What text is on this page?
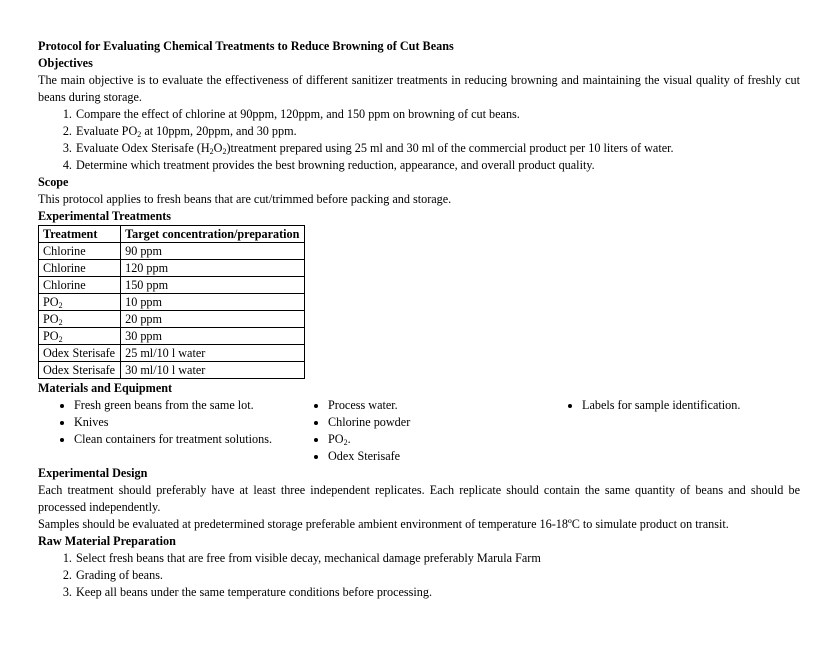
Protocol for Evaluating Chemical Treatments to Reduce Browning of Cut Beans

Objectives

The main objective is to evaluate the effectiveness of different sanitizer treatments in reducing browning and maintaining the visual quality of freshly cut beans during storage.

1. Compare the effect of chlorine at 90ppm, 120ppm, and 150 ppm on browning of cut beans.
2. Evaluate $PO_2$ at 10ppm, 20ppm, and 30 ppm.
3. Evaluate Odex Sterisafe $(H_2O_2)treatment$ prepared using 25 ml and 30 ml of the commercial product per 10 liters of water.
4. Determine which treatment provides the best browning reduction, appearance, and overall product quality.

Scope

This protocol applies to fresh beans that are cut/trimmed before packing and storage.

Experimental Treatments

Treatment	Target concentration/preparation
Chlorine	90 ppm
Chlorine	120 ppm
Chlorine	150 ppm
$PO_2$	10 ppm
$PO_2$	20 ppm
$PO_2$	30 ppm
Odex Sterisafe	25 ml/10 l water
Odex Sterisafe	30 ml/10 l water

Materials and Equipment

Fresh green beans from the same lot.
Knives
Clean containers for treatment solutions.
Process water.
Chlorine powder
$PO_2$.
Odex Sterisafe
Labels for sample identification.

Experimental Design

Each treatment should preferably have at least three independent replicates. Each replicate should contain the same quantity of beans and should be processed independently.

Samples should be evaluated at predetermined storage preferable ambient environment of temperature 16-18ºC to simulate product on transit.

Raw Material Preparation

1. Select fresh beans that are free from visible decay, mechanical damage preferably Marula Farm
2. Grading of beans.
3. Keep all beans under the same temperature conditions before processing.
